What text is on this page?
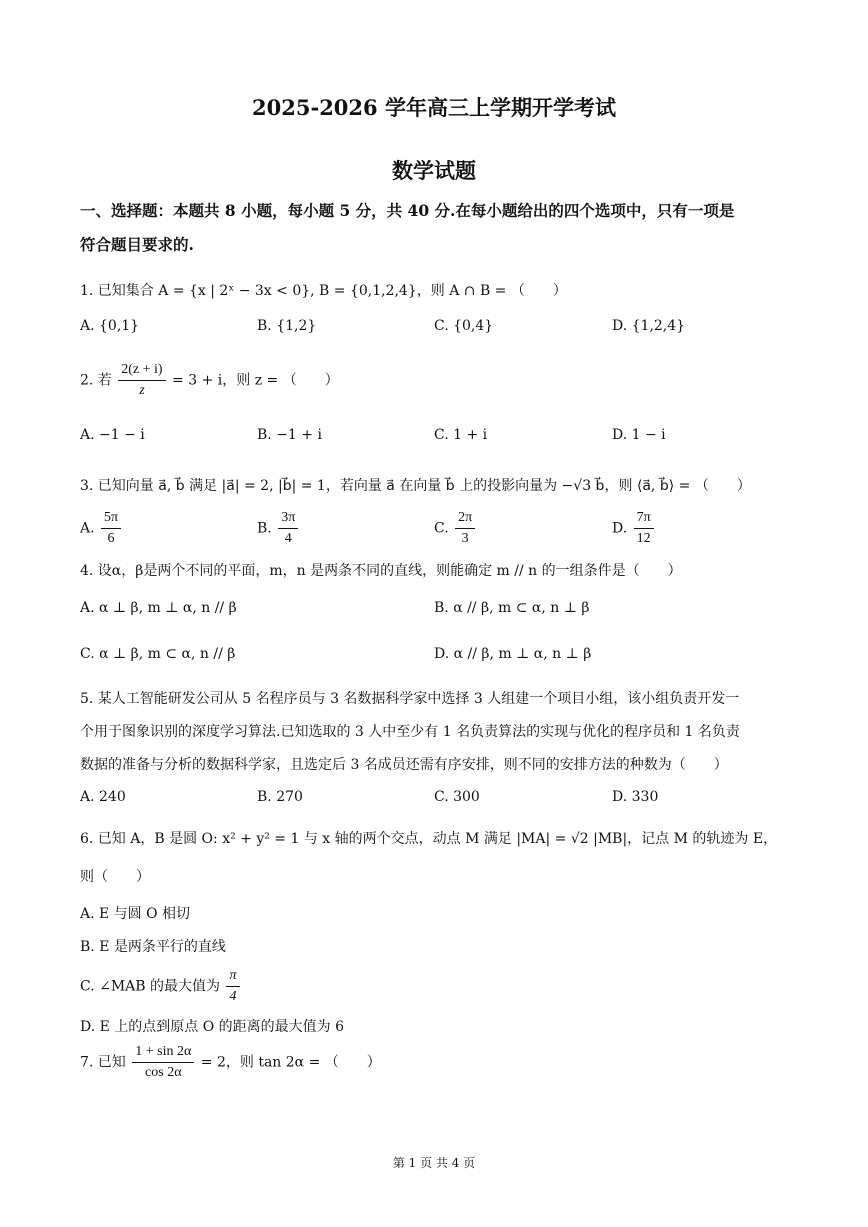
2025-2026 学年高三上学期开学考试
数学试题
一、选择题：本题共 8 小题，每小题 5 分，共 40 分.在每小题给出的四个选项中，只有一项是
符合题目要求的.
1. 已知集合 A = {x | 2ˣ − 3x < 0}, B = {0,1,2,4}，则 A ∩ B = （　　）
A. {0,1}	B. {1,2}	C. {0,4}	D. {1,2,4}
2. 若 $\frac{2(z + i)}{z} = 3 + i$，则 z = （　　）
A. −1 − i	B. −1 + i	C. 1 + i	D. 1 − i
3. 已知向量 a⃗, b⃗ 满足 |a⃗| = 2, |b⃗| = 1，若向量 a⃗ 在向量 b⃗ 上的投影向量为 −√3 b⃗，则 ⟨a⃗, b⃗⟩ = （　　）
A. $\frac{5\pi}{6}$	B. $\frac{3\pi}{4}$	C. $\frac{2\pi}{3}$	D. $\frac{7\pi}{12}$
4. 设α，β是两个不同的平面，m，n 是两条不同的直线，则能确定 m // n 的一组条件是（　　）
A. α ⊥ β, m ⊥ α, n // β	B. α // β, m ⊂ α, n ⊥ β
C. α ⊥ β, m ⊂ α, n // β	D. α // β, m ⊥ α, n ⊥ β
5. 某人工智能研发公司从 5 名程序员与 3 名数据科学家中选择 3 人组建一个项目小组，该小组负责开发一
个用于图象识别的深度学习算法.已知选取的 3 人中至少有 1 名负责算法的实现与优化的程序员和 1 名负责
数据的准备与分析的数据科学家，且选定后 3 名成员还需有序安排，则不同的安排方法的种数为（　　）
A. 240	B. 270	C. 300	D. 330
6. 已知 A，B 是圆 O: x² + y² = 1 与 x 轴的两个交点，动点 M 满足 |MA| = √2 |MB|，记点 M 的轨迹为 E，
则（　　）
A. E 与圆 O 相切
B. E 是两条平行的直线
C. ∠MAB 的最大值为 $\frac{\pi}{4}$
D. E 上的点到原点 O 的距离的最大值为 6
7. 已知 $\frac{1 + \sin 2\alpha}{\cos 2\alpha} = 2$，则 tan 2α = （　　）
第 1 页 共 4 页
